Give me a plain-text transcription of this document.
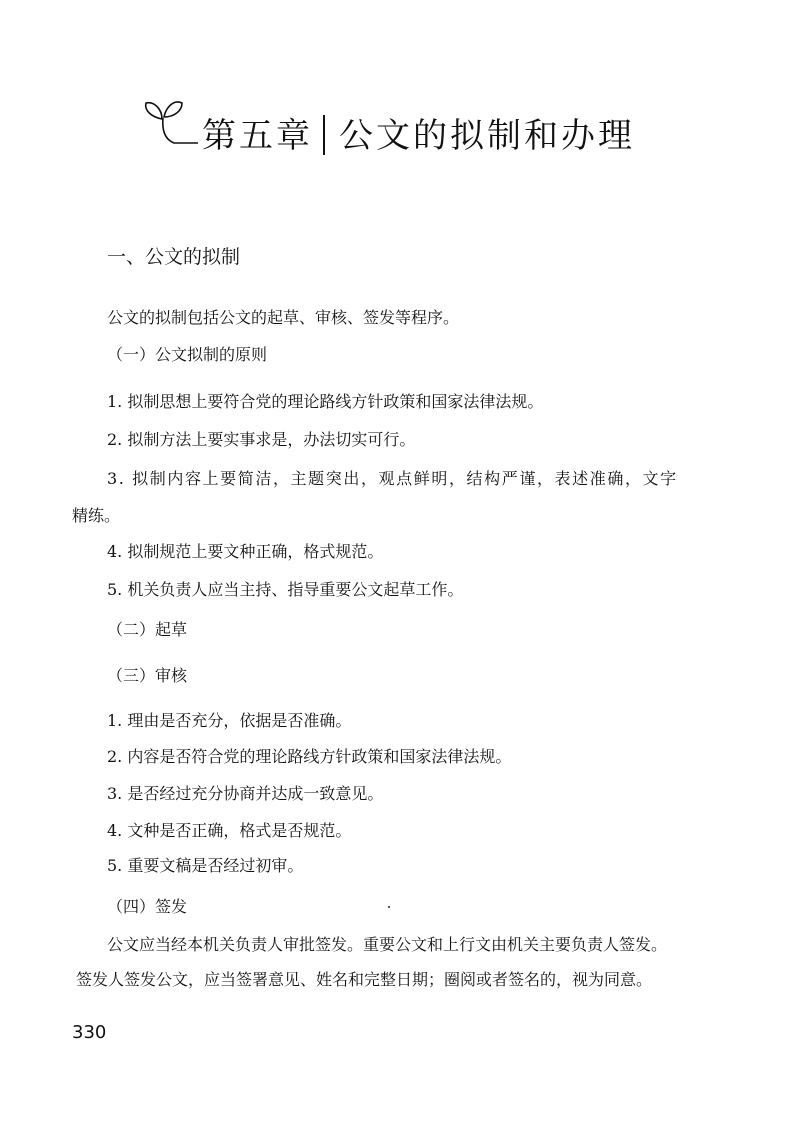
第五章 公文的拟制和办理
一、公文的拟制
公文的拟制包括公文的起草、审核、签发等程序。
（一）公文拟制的原则
1. 拟制思想上要符合党的理论路线方针政策和国家法律法规。
2. 拟制方法上要实事求是，办法切实可行。
3. 拟制内容上要简洁，主题突出，观点鲜明，结构严谨，表述准确，文字
精练。
4. 拟制规范上要文种正确，格式规范。
5. 机关负责人应当主持、指导重要公文起草工作。
（二）起草
（三）审核
1. 理由是否充分，依据是否准确。
2. 内容是否符合党的理论路线方针政策和国家法律法规。
3. 是否经过充分协商并达成一致意见。
4. 文种是否正确，格式是否规范。
5. 重要文稿是否经过初审。
（四）签发
公文应当经本机关负责人审批签发。重要公文和上行文由机关主要负责人签发。
签发人签发公文，应当签署意见、姓名和完整日期；圈阅或者签名的，视为同意。
330
